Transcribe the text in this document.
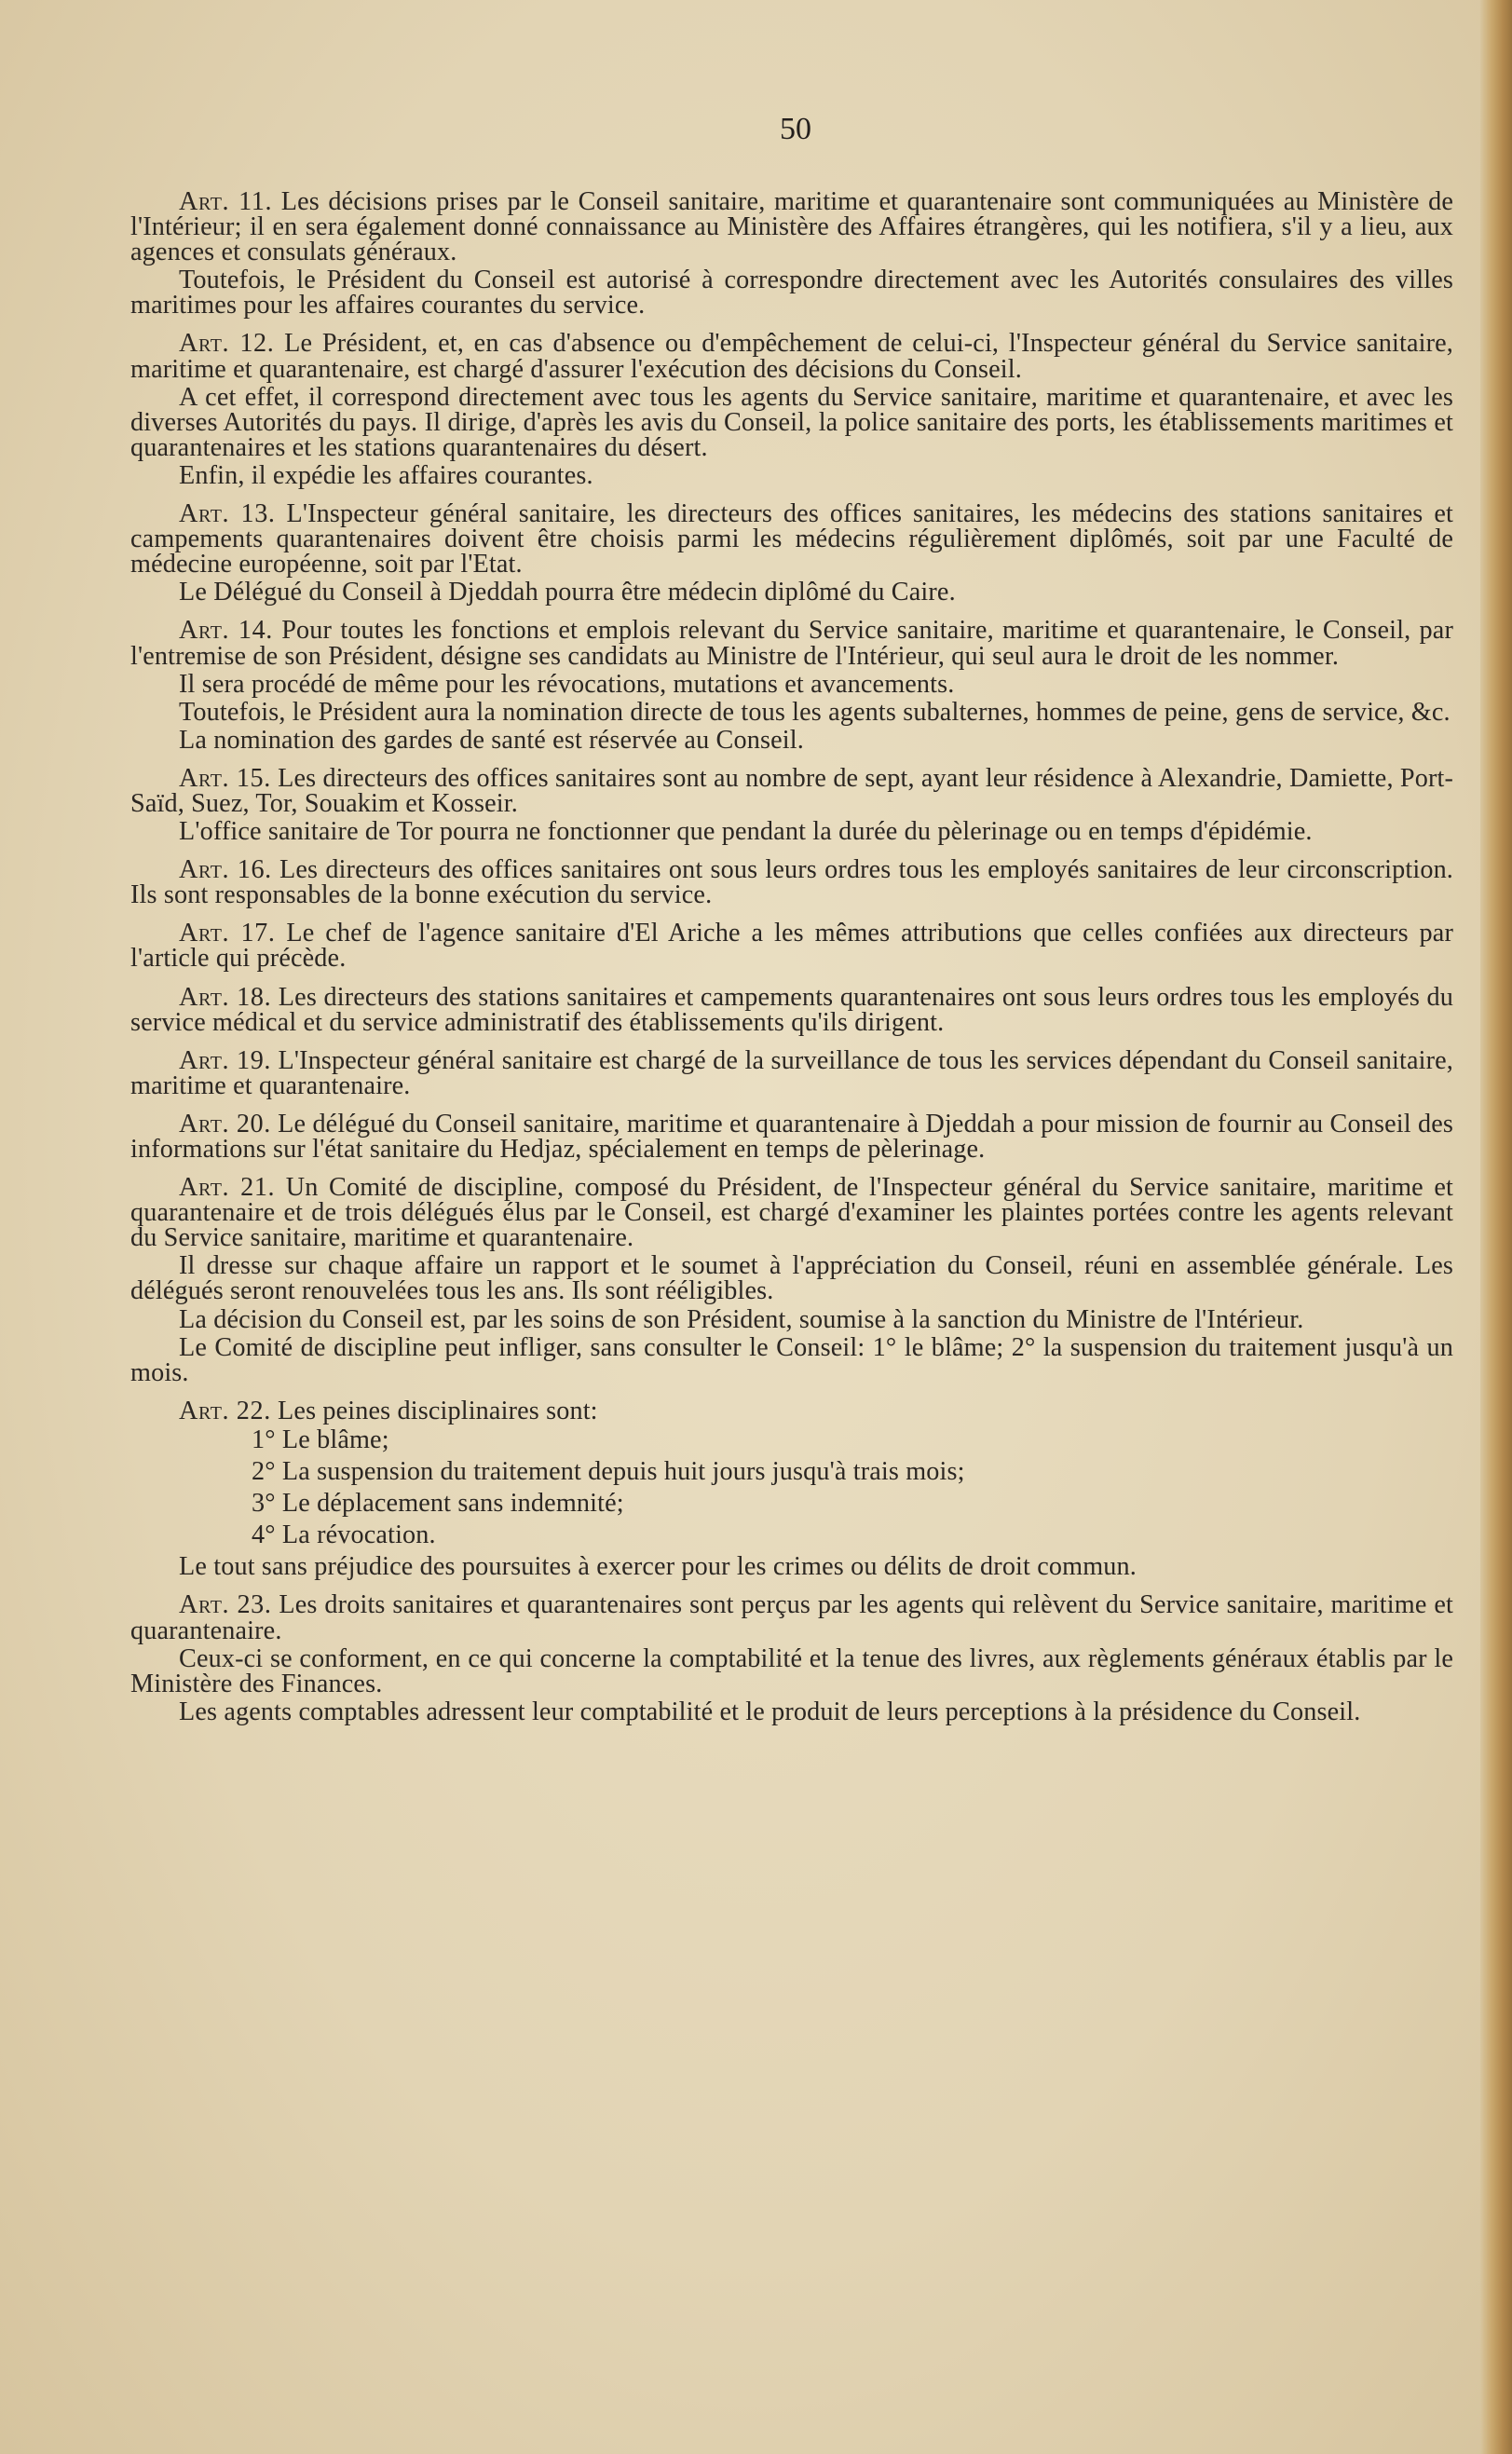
50
Art. 11. Les décisions prises par le Conseil sanitaire, maritime et quarantenaire sont communiquées au Ministère de l'Intérieur; il en sera également donné connaissance au Ministère des Affaires étrangères, qui les notifiera, s'il y a lieu, aux agences et consulats généraux.
Toutefois, le Président du Conseil est autorisé à correspondre directement avec les Autorités consulaires des villes maritimes pour les affaires courantes du service.
Art. 12. Le Président, et, en cas d'absence ou d'empêchement de celui-ci, l'Inspecteur général du Service sanitaire, maritime et quarantenaire, est chargé d'assurer l'exécution des décisions du Conseil.
A cet effet, il correspond directement avec tous les agents du Service sanitaire, maritime et quarantenaire, et avec les diverses Autorités du pays. Il dirige, d'après les avis du Conseil, la police sanitaire des ports, les établissements maritimes et quarantenaires et les stations quarantenaires du désert.
Enfin, il expédie les affaires courantes.
Art. 13. L'Inspecteur général sanitaire, les directeurs des offices sanitaires, les médecins des stations sanitaires et campements quarantenaires doivent être choisis parmi les médecins régulièrement diplômés, soit par une Faculté de médecine européenne, soit par l'Etat.
Le Délégué du Conseil à Djeddah pourra être médecin diplômé du Caire.
Art. 14. Pour toutes les fonctions et emplois relevant du Service sanitaire, maritime et quarantenaire, le Conseil, par l'entremise de son Président, désigne ses candidats au Ministre de l'Intérieur, qui seul aura le droit de les nommer.
Il sera procédé de même pour les révocations, mutations et avancements.
Toutefois, le Président aura la nomination directe de tous les agents subalternes, hommes de peine, gens de service, &c.
La nomination des gardes de santé est réservée au Conseil.
Art. 15. Les directeurs des offices sanitaires sont au nombre de sept, ayant leur résidence à Alexandrie, Damiette, Port-Saïd, Suez, Tor, Souakim et Kosseir.
L'office sanitaire de Tor pourra ne fonctionner que pendant la durée du pèlerinage ou en temps d'épidémie.
Art. 16. Les directeurs des offices sanitaires ont sous leurs ordres tous les employés sanitaires de leur circonscription. Ils sont responsables de la bonne exécution du service.
Art. 17. Le chef de l'agence sanitaire d'El Ariche a les mêmes attributions que celles confiées aux directeurs par l'article qui précède.
Art. 18. Les directeurs des stations sanitaires et campements quarantenaires ont sous leurs ordres tous les employés du service médical et du service administratif des établissements qu'ils dirigent.
Art. 19. L'Inspecteur général sanitaire est chargé de la surveillance de tous les services dépendant du Conseil sanitaire, maritime et quarantenaire.
Art. 20. Le délégué du Conseil sanitaire, maritime et quarantenaire à Djeddah a pour mission de fournir au Conseil des informations sur l'état sanitaire du Hedjaz, spécialement en temps de pèlerinage.
Art. 21. Un Comité de discipline, composé du Président, de l'Inspecteur général du Service sanitaire, maritime et quarantenaire et de trois délégués élus par le Conseil, est chargé d'examiner les plaintes portées contre les agents relevant du Service sanitaire, maritime et quarantenaire.
Il dresse sur chaque affaire un rapport et le soumet à l'appréciation du Conseil, réuni en assemblée générale. Les délégués seront renouvelées tous les ans. Ils sont rééligibles.
La décision du Conseil est, par les soins de son Président, soumise à la sanction du Ministre de l'Intérieur.
Le Comité de discipline peut infliger, sans consulter le Conseil: 1° le blâme; 2° la suspension du traitement jusqu'à un mois.
Art. 22. Les peines disciplinaires sont:
1° Le blâme;
2° La suspension du traitement depuis huit jours jusqu'à trais mois;
3° Le déplacement sans indemnité;
4° La révocation.
Le tout sans préjudice des poursuites à exercer pour les crimes ou délits de droit commun.
Art. 23. Les droits sanitaires et quarantenaires sont perçus par les agents qui relèvent du Service sanitaire, maritime et quarantenaire.
Ceux-ci se conforment, en ce qui concerne la comptabilité et la tenue des livres, aux règlements généraux établis par le Ministère des Finances.
Les agents comptables adressent leur comptabilité et le produit de leurs perceptions à la présidence du Conseil.
